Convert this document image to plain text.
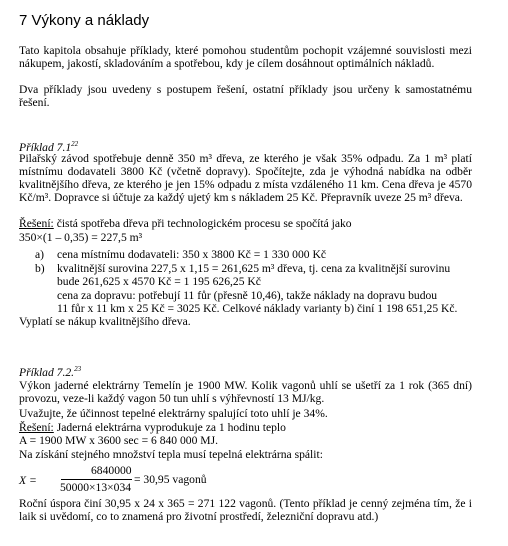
7 Výkony a náklady
Tato kapitola obsahuje příklady, které pomohou studentům pochopit vzájemné souvislosti mezi nákupem, jakostí, skladováním a spotřebou, kdy je cílem dosáhnout optimálních nákladů.
Dva příklady jsou uvedeny s postupem řešení, ostatní příklady jsou určeny k samostatnému řešení.
Příklad $7.1^{22}$
Pilařský závod spotřebuje denně 350 m³ dřeva, ze kterého je však 35% odpadu. Za 1 m³ platí místnímu dodavateli 3800 Kč (včetně dopravy). Spočítejte, zda je výhodná nabídka na odběr kvalitnějšího dřeva, ze kterého je jen 15% odpadu z místa vzdáleného 11 km. Cena dřeva je 4570 Kč/m³. Dopravce si účtuje za každý ujetý km s nákladem 25 Kč. Přepravník uveze 25 m³ dřeva.
Řešení: čistá spotřeba dřeva při technologickém procesu se spočítá jako
350×(1 – 0,35) = 227,5 m³
a) cena místnímu dodavateli: 350 x 3800 Kč = 1 330 000 Kč
b) kvalitnější surovina 227,5 x 1,15 = 261,625 m³ dřeva, tj. cena za kvalitnější surovinu
bude 261,625 x 4570 Kč = 1 195 626,25 Kč
cena za dopravu: potřebují 11 fůr (přesně 10,46), takže náklady na dopravu budou
11 fůr x 11 km x 25 Kč = 3025 Kč. Celkové náklady varianty b) činí 1 198 651,25 Kč.
Vyplatí se nákup kvalitnějšího dřeva.
Příklad 7.2.23
Výkon jaderné elektrárny Temelín je 1900 MW. Kolik vagonů uhlí se ušetří za 1 rok (365 dní) provozu, veze-li každý vagon 50 tun uhlí s výhřevností 13 MJ/kg.
Uvažujte, že účinnost tepelné elektrárny spalující toto uhlí je 34%.
Řešení: Jaderná elektrárna vyprodukuje za 1 hodinu teplo
A = 1900 MW x 3600 sec = 6 840 000 MJ.
Na získání stejného množství tepla musí tepelná elektrárna spálit:
X =
6840000
50000×13×034
= 30,95 vagonů
Roční úspora činí 30,95 x 24 x 365 = 271 122 vagonů. (Tento příklad je cenný zejména tím, že i laik si uvědomí, co to znamená pro životní prostředí, železniční dopravu atd.)
